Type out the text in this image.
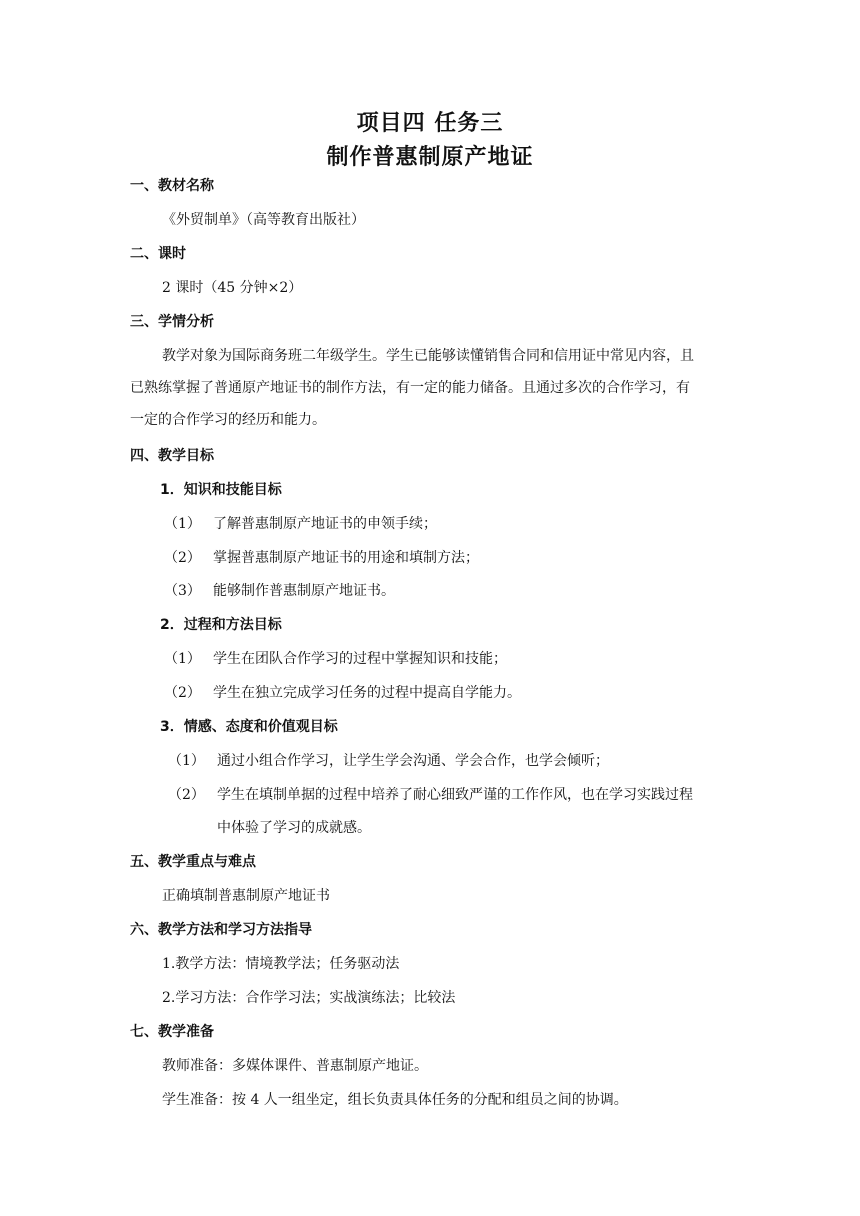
项目四 任务三
制作普惠制原产地证
一、教材名称
《外贸制单》（高等教育出版社）
二、课时
2 课时（45 分钟×2）
三、学情分析
教学对象为国际商务班二年级学生。学生已能够读懂销售合同和信用证中常见内容，且
已熟练掌握了普通原产地证书的制作方法，有一定的能力储备。且通过多次的合作学习，有
一定的合作学习的经历和能力。
四、教学目标
1．知识和技能目标
（1） 了解普惠制原产地证书的申领手续；
（2） 掌握普惠制原产地证书的用途和填制方法；
（3） 能够制作普惠制原产地证书。
2．过程和方法目标
（1） 学生在团队合作学习的过程中掌握知识和技能；
（2） 学生在独立完成学习任务的过程中提高自学能力。
3．情感、态度和价值观目标
（1） 通过小组合作学习，让学生学会沟通、学会合作，也学会倾听；
（2） 学生在填制单据的过程中培养了耐心细致严谨的工作作风，也在学习实践过程
中体验了学习的成就感。
五、教学重点与难点
正确填制普惠制原产地证书
六、教学方法和学习方法指导
1.教学方法：情境教学法；任务驱动法
2.学习方法：合作学习法；实战演练法；比较法
七、教学准备
教师准备：多媒体课件、普惠制原产地证。
学生准备：按 4 人一组坐定，组长负责具体任务的分配和组员之间的协调。
